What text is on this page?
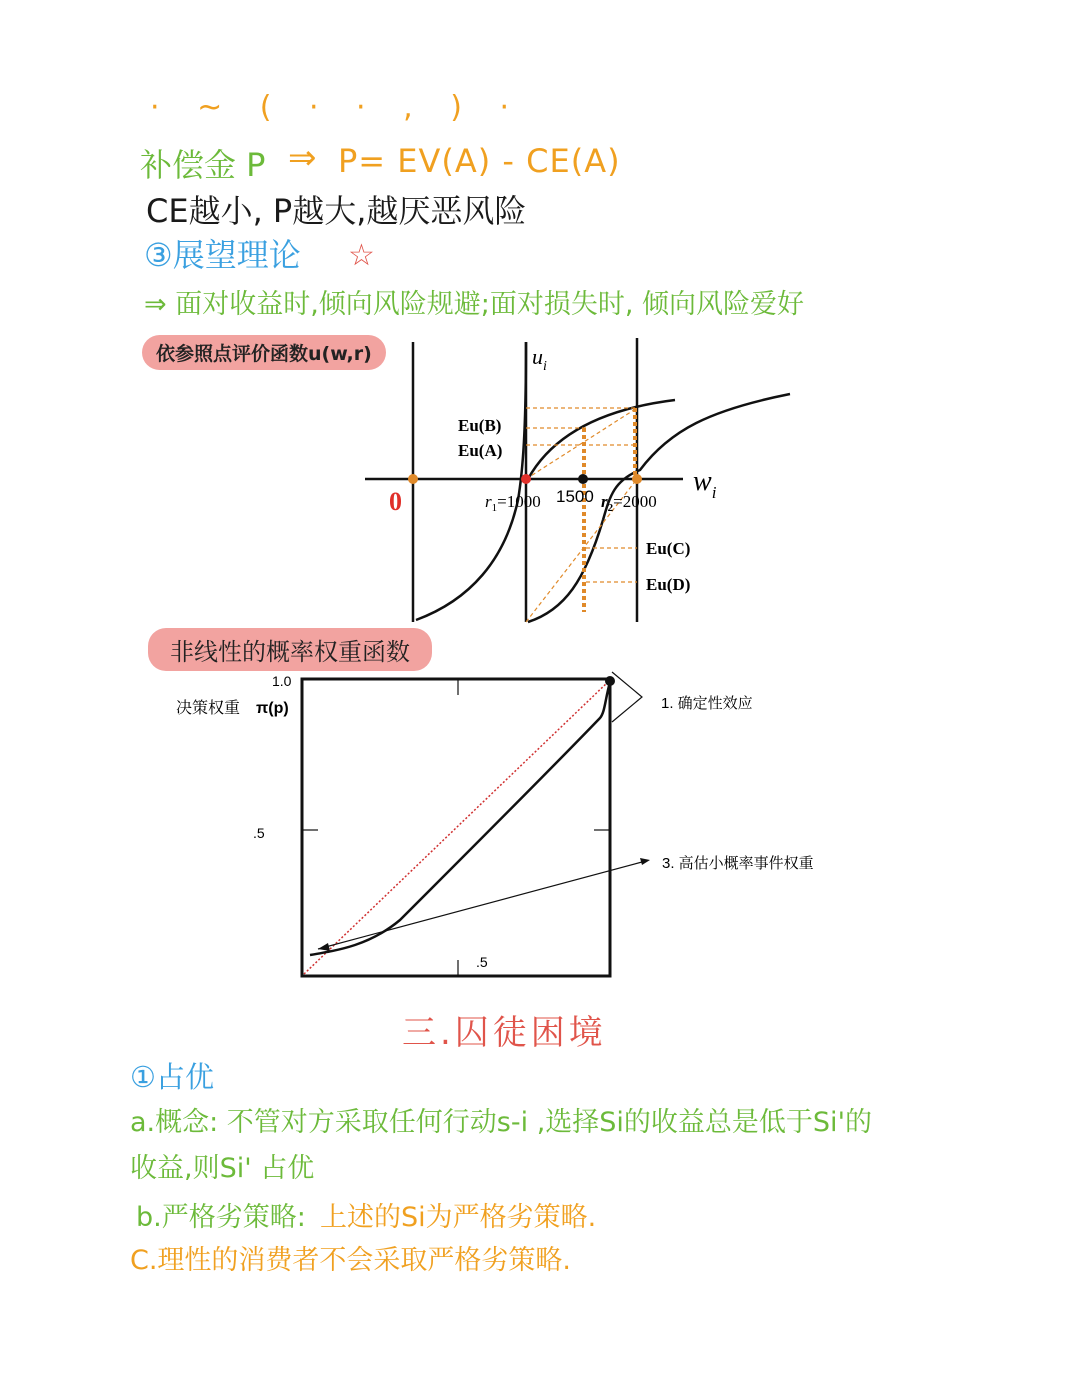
· ~ ( · · , ) ·
补偿金 P ⇒ P= EV(A) - CE(A)
CE越小, P越大,越厌恶风险
③展望理论 ☆
⇒ 面对收益时,倾向风险规避;面对损失时, 倾向风险爱好
依参照点评价函数u(w,r)	$u_i$
$w_i$
0
Eu(B)
Eu(A)
Eu(C)
Eu(D)
$r_1=1000$ 1500 $r_2=2000$
非线性的概率权重函数
1.0
.5
.5
决策权重 π(p)	1. 确定性效应
3. 高估小概率事件权重
三.囚徒困境
①占优
a.概念: 不管对方采取任何行动s-i ,选择Si的收益总是低于Si'的
收益,则Si' 占优
b.严格劣策略: 上述的Si为严格劣策略.
C.理性的消费者不会采取严格劣策略.
